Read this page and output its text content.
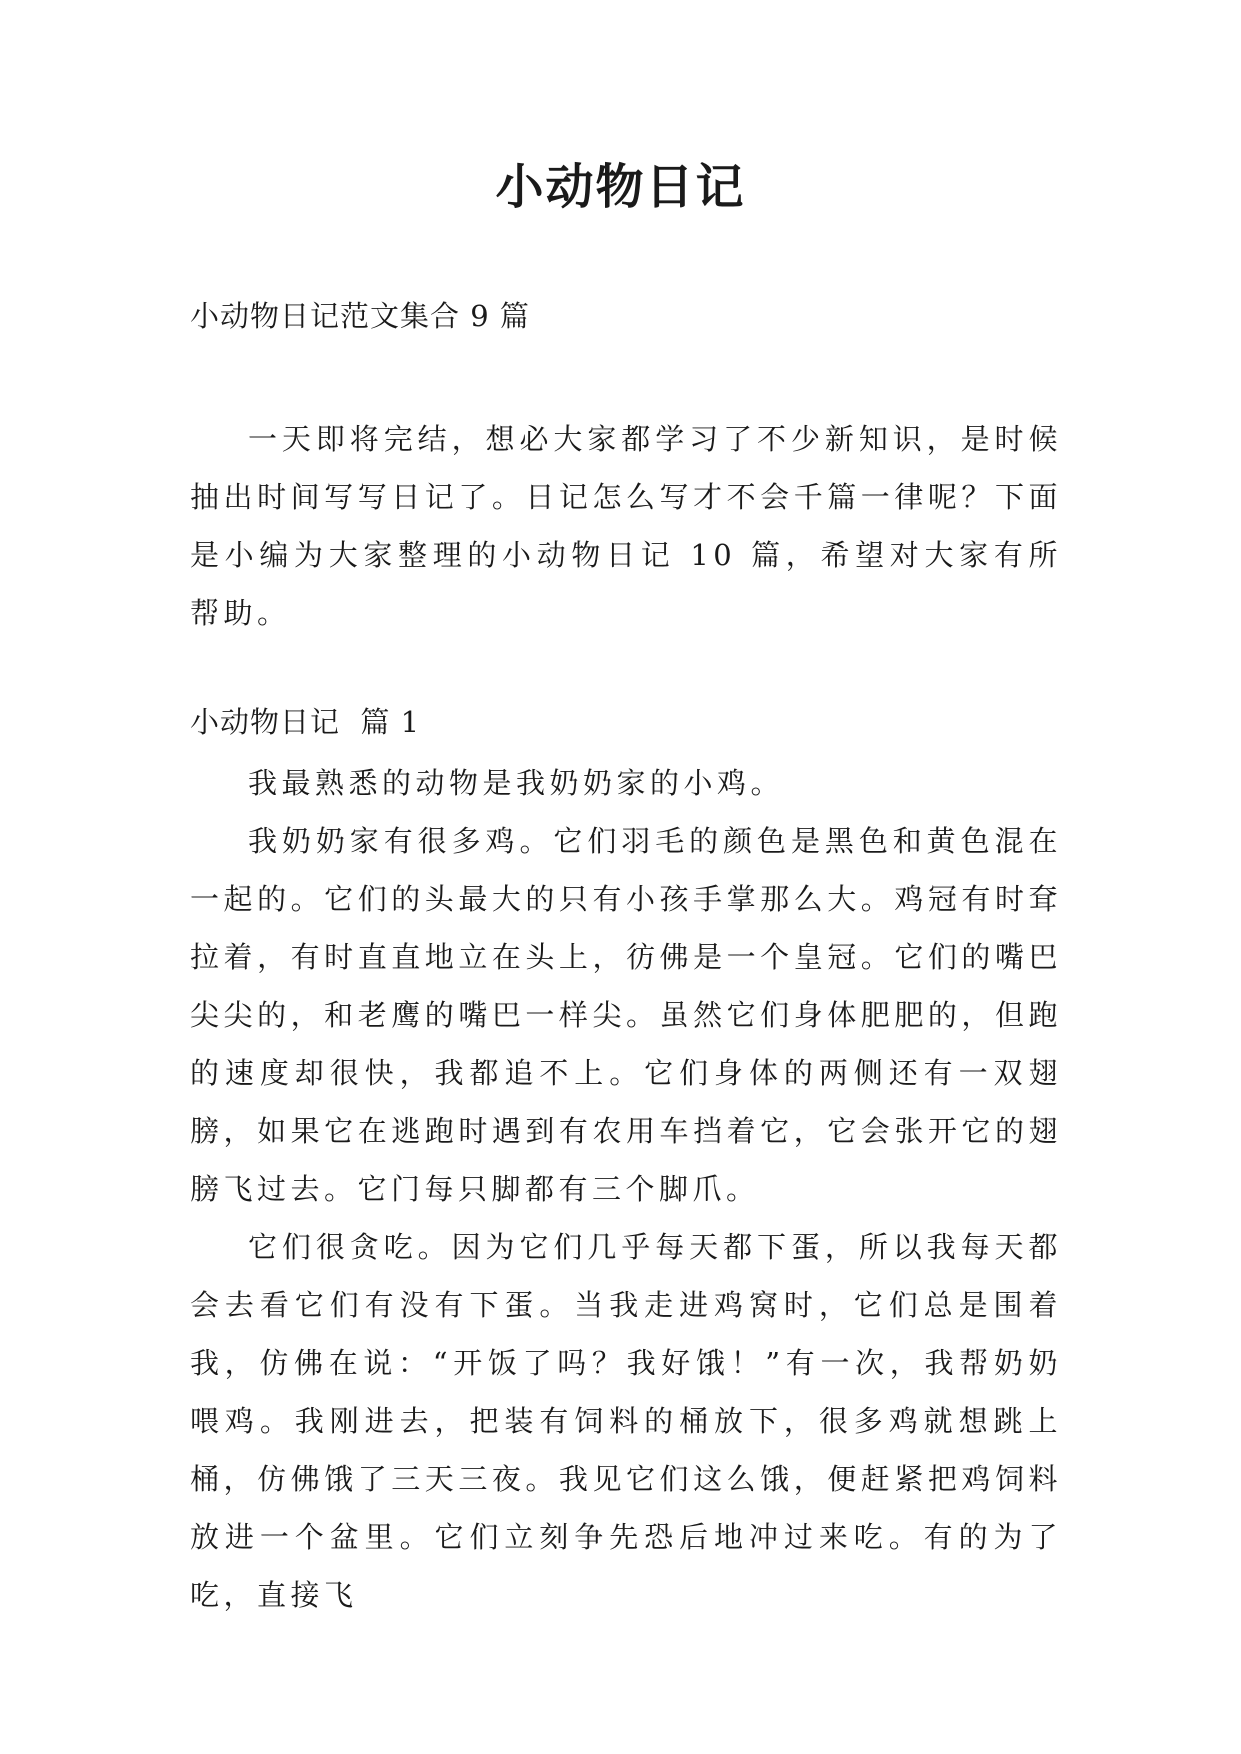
小动物日记

小动物日记范文集合 9 篇

一天即将完结，想必大家都学习了不少新知识，是时候抽出时间写写日记了。日记怎么写才不会千篇一律呢？下面是小编为大家整理的小动物日记 10 篇，希望对大家有所帮助。

小动物日记  篇 1

我最熟悉的动物是我奶奶家的小鸡。

我奶奶家有很多鸡。它们羽毛的颜色是黑色和黄色混在一起的。它们的头最大的只有小孩手掌那么大。鸡冠有时耷拉着，有时直直地立在头上，彷佛是一个皇冠。它们的嘴巴尖尖的，和老鹰的嘴巴一样尖。虽然它们身体肥肥的，但跑的速度却很快，我都追不上。它们身体的两侧还有一双翅膀，如果它在逃跑时遇到有农用车挡着它，它会张开它的翅膀飞过去。它门每只脚都有三个脚爪。

它们很贪吃。因为它们几乎每天都下蛋，所以我每天都会去看它们有没有下蛋。当我走进鸡窝时，它们总是围着我，仿佛在说：“开饭了吗？我好饿！”有一次，我帮奶奶喂鸡。我刚进去，把装有饲料的桶放下，很多鸡就想跳上桶，仿佛饿了三天三夜。我见它们这么饿，便赶紧把鸡饲料放进一个盆里。它们立刻争先恐后地冲过来吃。有的为了吃，直接飞
